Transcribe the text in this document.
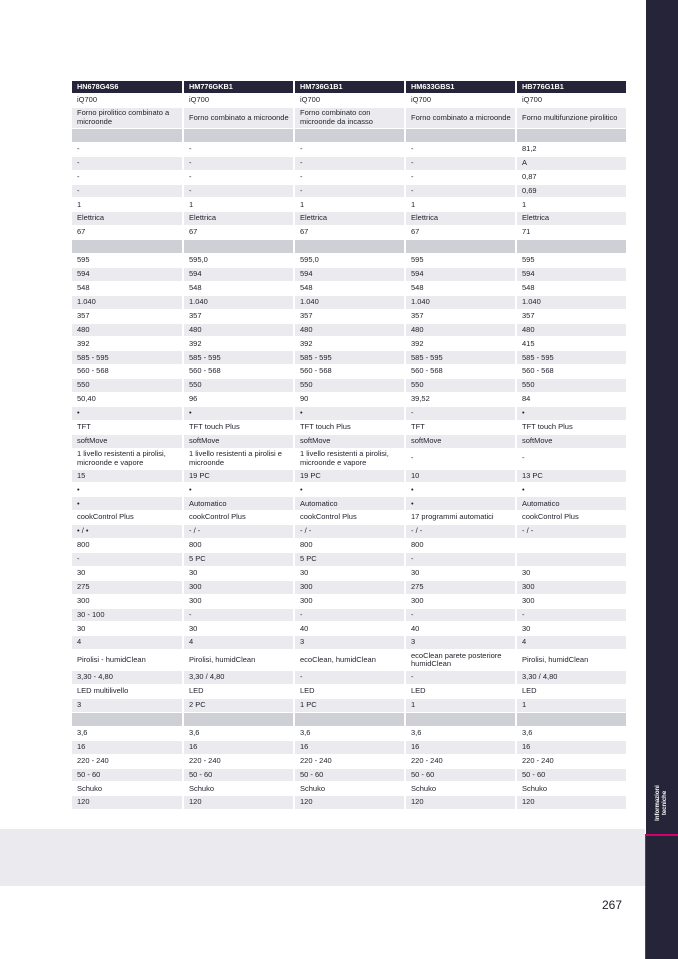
Informazioni tecniche
HN678G4S6	HM776GKB1	HM736G1B1	HM633GBS1	HB776G1B1
iQ700	iQ700	iQ700	iQ700	iQ700
Forno pirolitico combinato a microonde	Forno combinato a microonde	Forno combinato con microonde da incasso	Forno combinato a microonde	Forno multifunzione pirolitico

-	-	-	-	81,2
-	-	-	-	A
-	-	-	-	0,87
-	-	-	-	0,69
1	1	1	1	1
Elettrica	Elettrica	Elettrica	Elettrica	Elettrica
67	67	67	67	71

595	595,0	595,0	595	595
594	594	594	594	594
548	548	548	548	548
1.040	1.040	1.040	1.040	1.040
357	357	357	357	357
480	480	480	480	480
392	392	392	392	415
585 - 595	585 - 595	585 - 595	585 - 595	585 - 595
560 - 568	560 - 568	560 - 568	560 - 568	560 - 568
550	550	550	550	550
50,40	96	90	39,52	84
•	•	•	-	•
TFT	TFT touch Plus	TFT touch Plus	TFT	TFT touch Plus
softMove	softMove	softMove	softMove	softMove
1 livello resistenti a pirolisi, microonde e vapore	1 livello resistenti a pirolisi e microonde	1 livello resistenti a pirolisi, microonde e vapore	-	-
15	19 PC	19 PC	10	13 PC
•	•	•	•	•
•	Automatico	Automatico	•	Automatico
cookControl Plus	cookControl Plus	cookControl Plus	17 programmi automatici	cookControl Plus
• / •	- / -	- / -	- / -	- / -
800	800	800	800	
-	5 PC	5 PC	-	
30	30	30	30	30
275	300	300	275	300
300	300	300	300	300
30 - 100	-	-	-	-
30	30	40	40	30
4	4	3	3	4
Pirolisi - humidClean	Pirolisi, humidClean	ecoClean, humidClean	ecoClean parete posteriore humidClean	Pirolisi, humidClean
3,30 - 4,80	3,30 / 4,80	-	-	3,30 / 4,80
LED multilivello	LED	LED	LED	LED
3	2 PC	1 PC	1	1

3,6	3,6	3,6	3,6	3,6
16	16	16	16	16
220 - 240	220 - 240	220 - 240	220 - 240	220 - 240
50 - 60	50 - 60	50 - 60	50 - 60	50 - 60
Schuko	Schuko	Schuko	Schuko	Schuko
120	120	120	120	120
267
